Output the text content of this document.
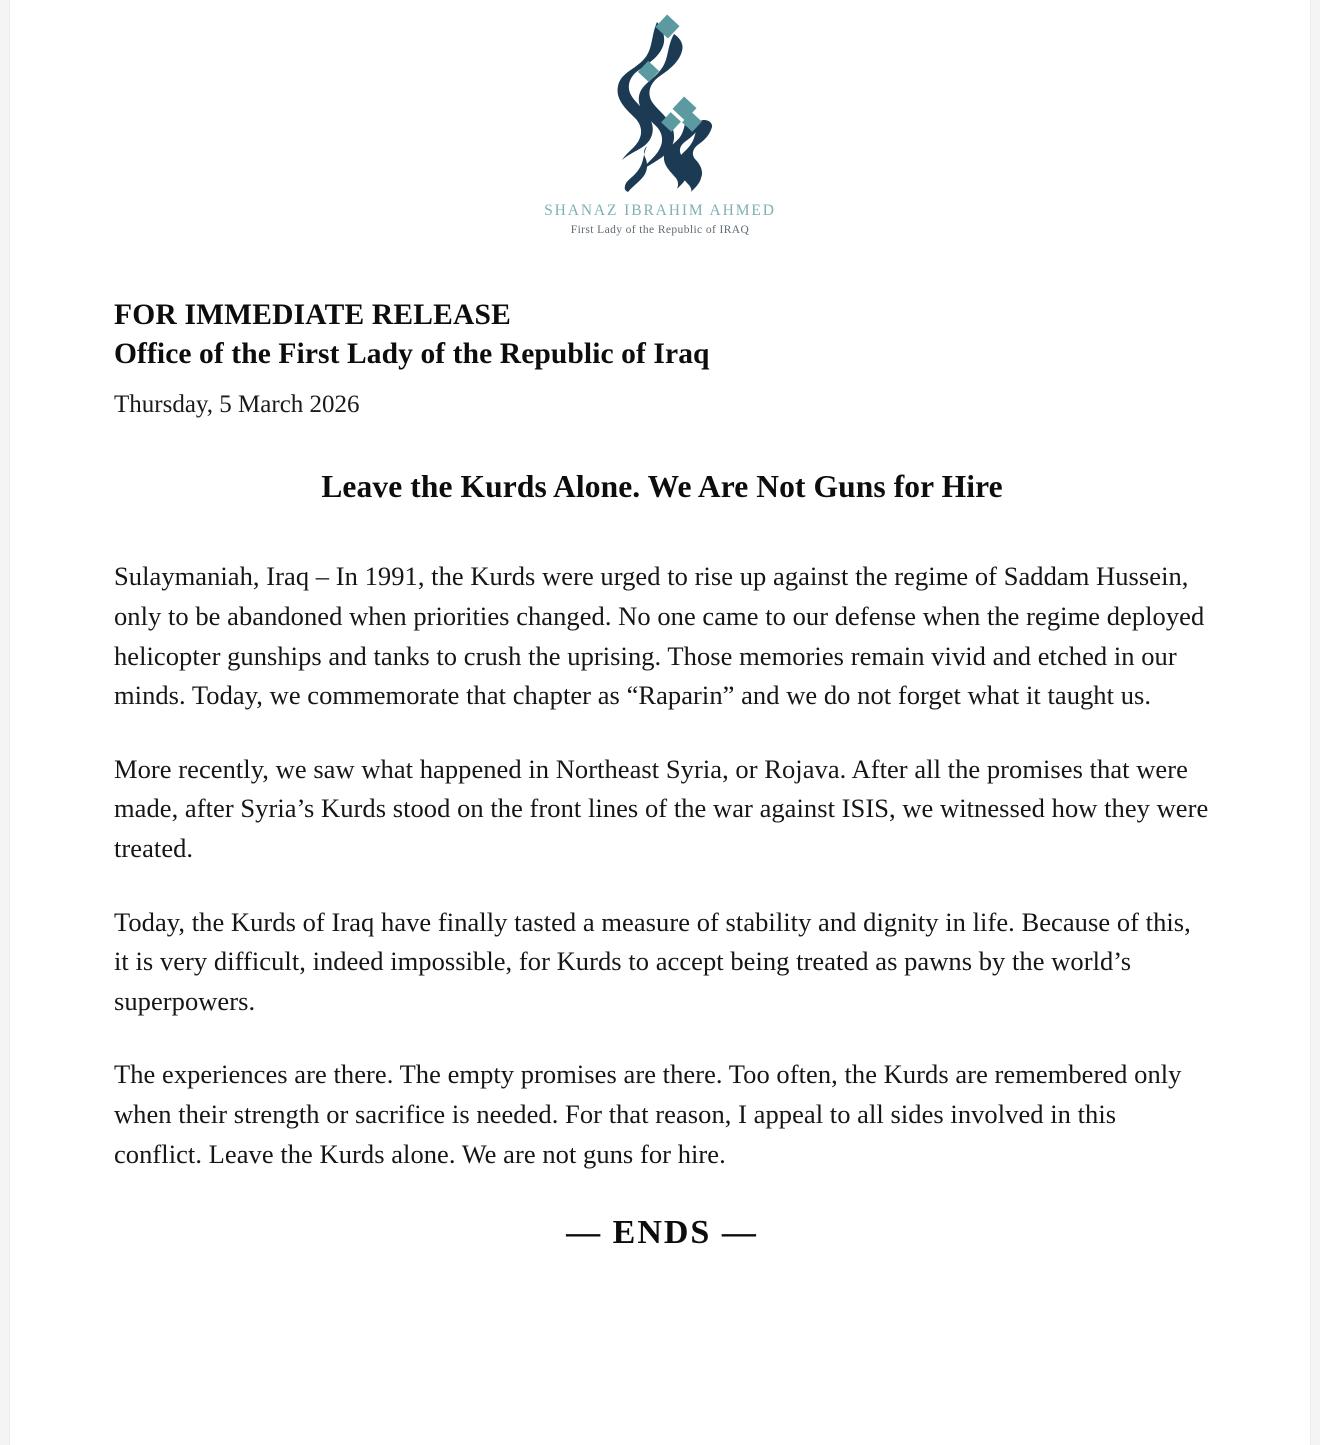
SHANAZ IBRAHIM AHMED
First Lady of the Republic of IRAQ
FOR IMMEDIATE RELEASE
Office of the First Lady of the Republic of Iraq
Thursday, 5 March 2026
Leave the Kurds Alone. We Are Not Guns for Hire

Sulaymaniah, Iraq – In 1991, the Kurds were urged to rise up against the regime of Saddam Hussein, only to be abandoned when priorities changed. No one came to our defense when the regime deployed helicopter gunships and tanks to crush the uprising. Those memories remain vivid and etched in our minds. Today, we commemorate that chapter as “Raparin” and we do not forget what it taught us.

More recently, we saw what happened in Northeast Syria, or Rojava. After all the promises that were made, after Syria’s Kurds stood on the front lines of the war against ISIS, we witnessed how they were treated.

Today, the Kurds of Iraq have finally tasted a measure of stability and dignity in life. Because of this, it is very difficult, indeed impossible, for Kurds to accept being treated as pawns by the world’s superpowers.

The experiences are there. The empty promises are there. Too often, the Kurds are remembered only when their strength or sacrifice is needed. For that reason, I appeal to all sides involved in this conflict. Leave the Kurds alone. We are not guns for hire.

— ENDS —
